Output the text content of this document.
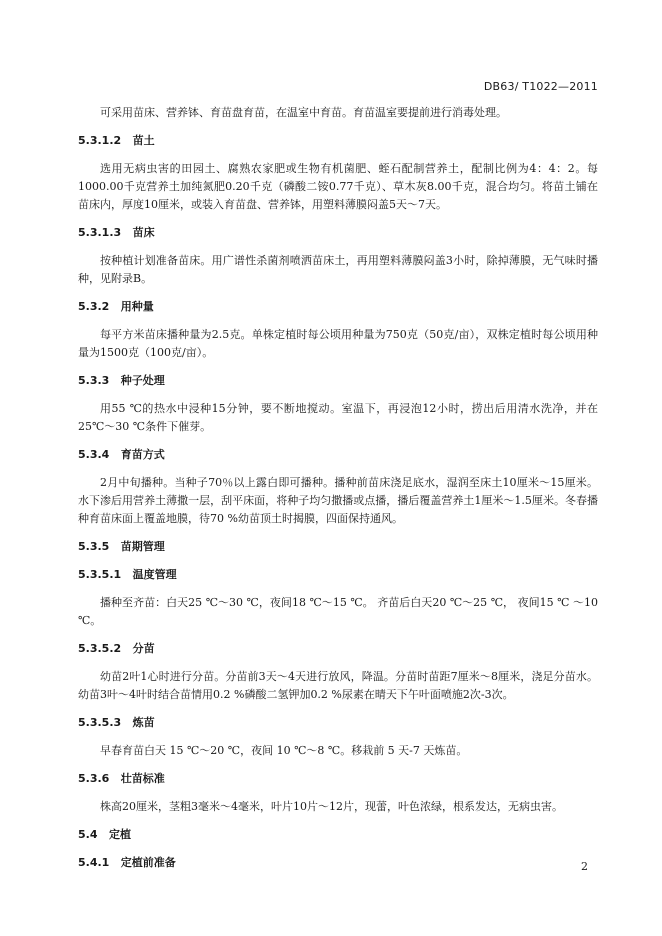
DB63/ T1022—2011

可采用苗床、营养钵、育苗盘育苗，在温室中育苗。育苗温室要提前进行消毒处理。

5.3.1.2   苗土

选用无病虫害的田园土、腐熟农家肥或生物有机菌肥、蛭石配制营养土，配制比例为4：4：2。每1000.00千克营养土加纯氮肥0.20千克（磷酸二铵0.77千克）、草木灰8.00千克，混合均匀。将苗土铺在苗床内，厚度10厘米，或装入育苗盘、营养钵，用塑料薄膜闷盖5天～7天。

5.3.1.3   苗床

按种植计划准备苗床。用广谱性杀菌剂喷洒苗床土，再用塑料薄膜闷盖3小时，除掉薄膜，无气味时播种，见附录B。

5.3.2   用种量

每平方米苗床播种量为2.5克。单株定植时每公顷用种量为750克（50克/亩），双株定植时每公顷用种量为1500克（100克/亩）。

5.3.3   种子处理

用55 ℃的热水中浸种15分钟，要不断地搅动。室温下，再浸泡12小时，捞出后用清水洗净，并在25℃～30 ℃条件下催芽。

5.3.4   育苗方式

2月中旬播种。当种子70％以上露白即可播种。播种前苗床浇足底水，湿润至床土10厘米～15厘米。水下渗后用营养土薄撒一层，刮平床面，将种子均匀撒播或点播，播后覆盖营养土1厘米～1.5厘米。冬春播种育苗床面上覆盖地膜，待70 %幼苗顶土时揭膜，四面保持通风。

5.3.5   苗期管理

5.3.5.1   温度管理

播种至齐苗：白天25 ℃～30 ℃，夜间18 ℃～15 ℃。 齐苗后白天20 ℃～25 ℃， 夜间15 ℃ ～10 ℃。

5.3.5.2   分苗

幼苗2叶1心时进行分苗。分苗前3天～4天进行放风，降温。分苗时苗距7厘米～8厘米，浇足分苗水。幼苗3叶～4叶时结合苗情用0.2 %磷酸二氢钾加0.2 %尿素在晴天下午叶面喷施2次-3次。

5.3.5.3   炼苗

早春育苗白天 15 ℃～20 ℃，夜间 10 ℃～8 ℃。移栽前 5 天-7 天炼苗。

5.3.6   壮苗标准

株高20厘米，茎粗3毫米～4毫米，叶片10片～12片，现蕾，叶色浓绿，根系发达，无病虫害。

5.4   定植

5.4.1   定植前准备	2
